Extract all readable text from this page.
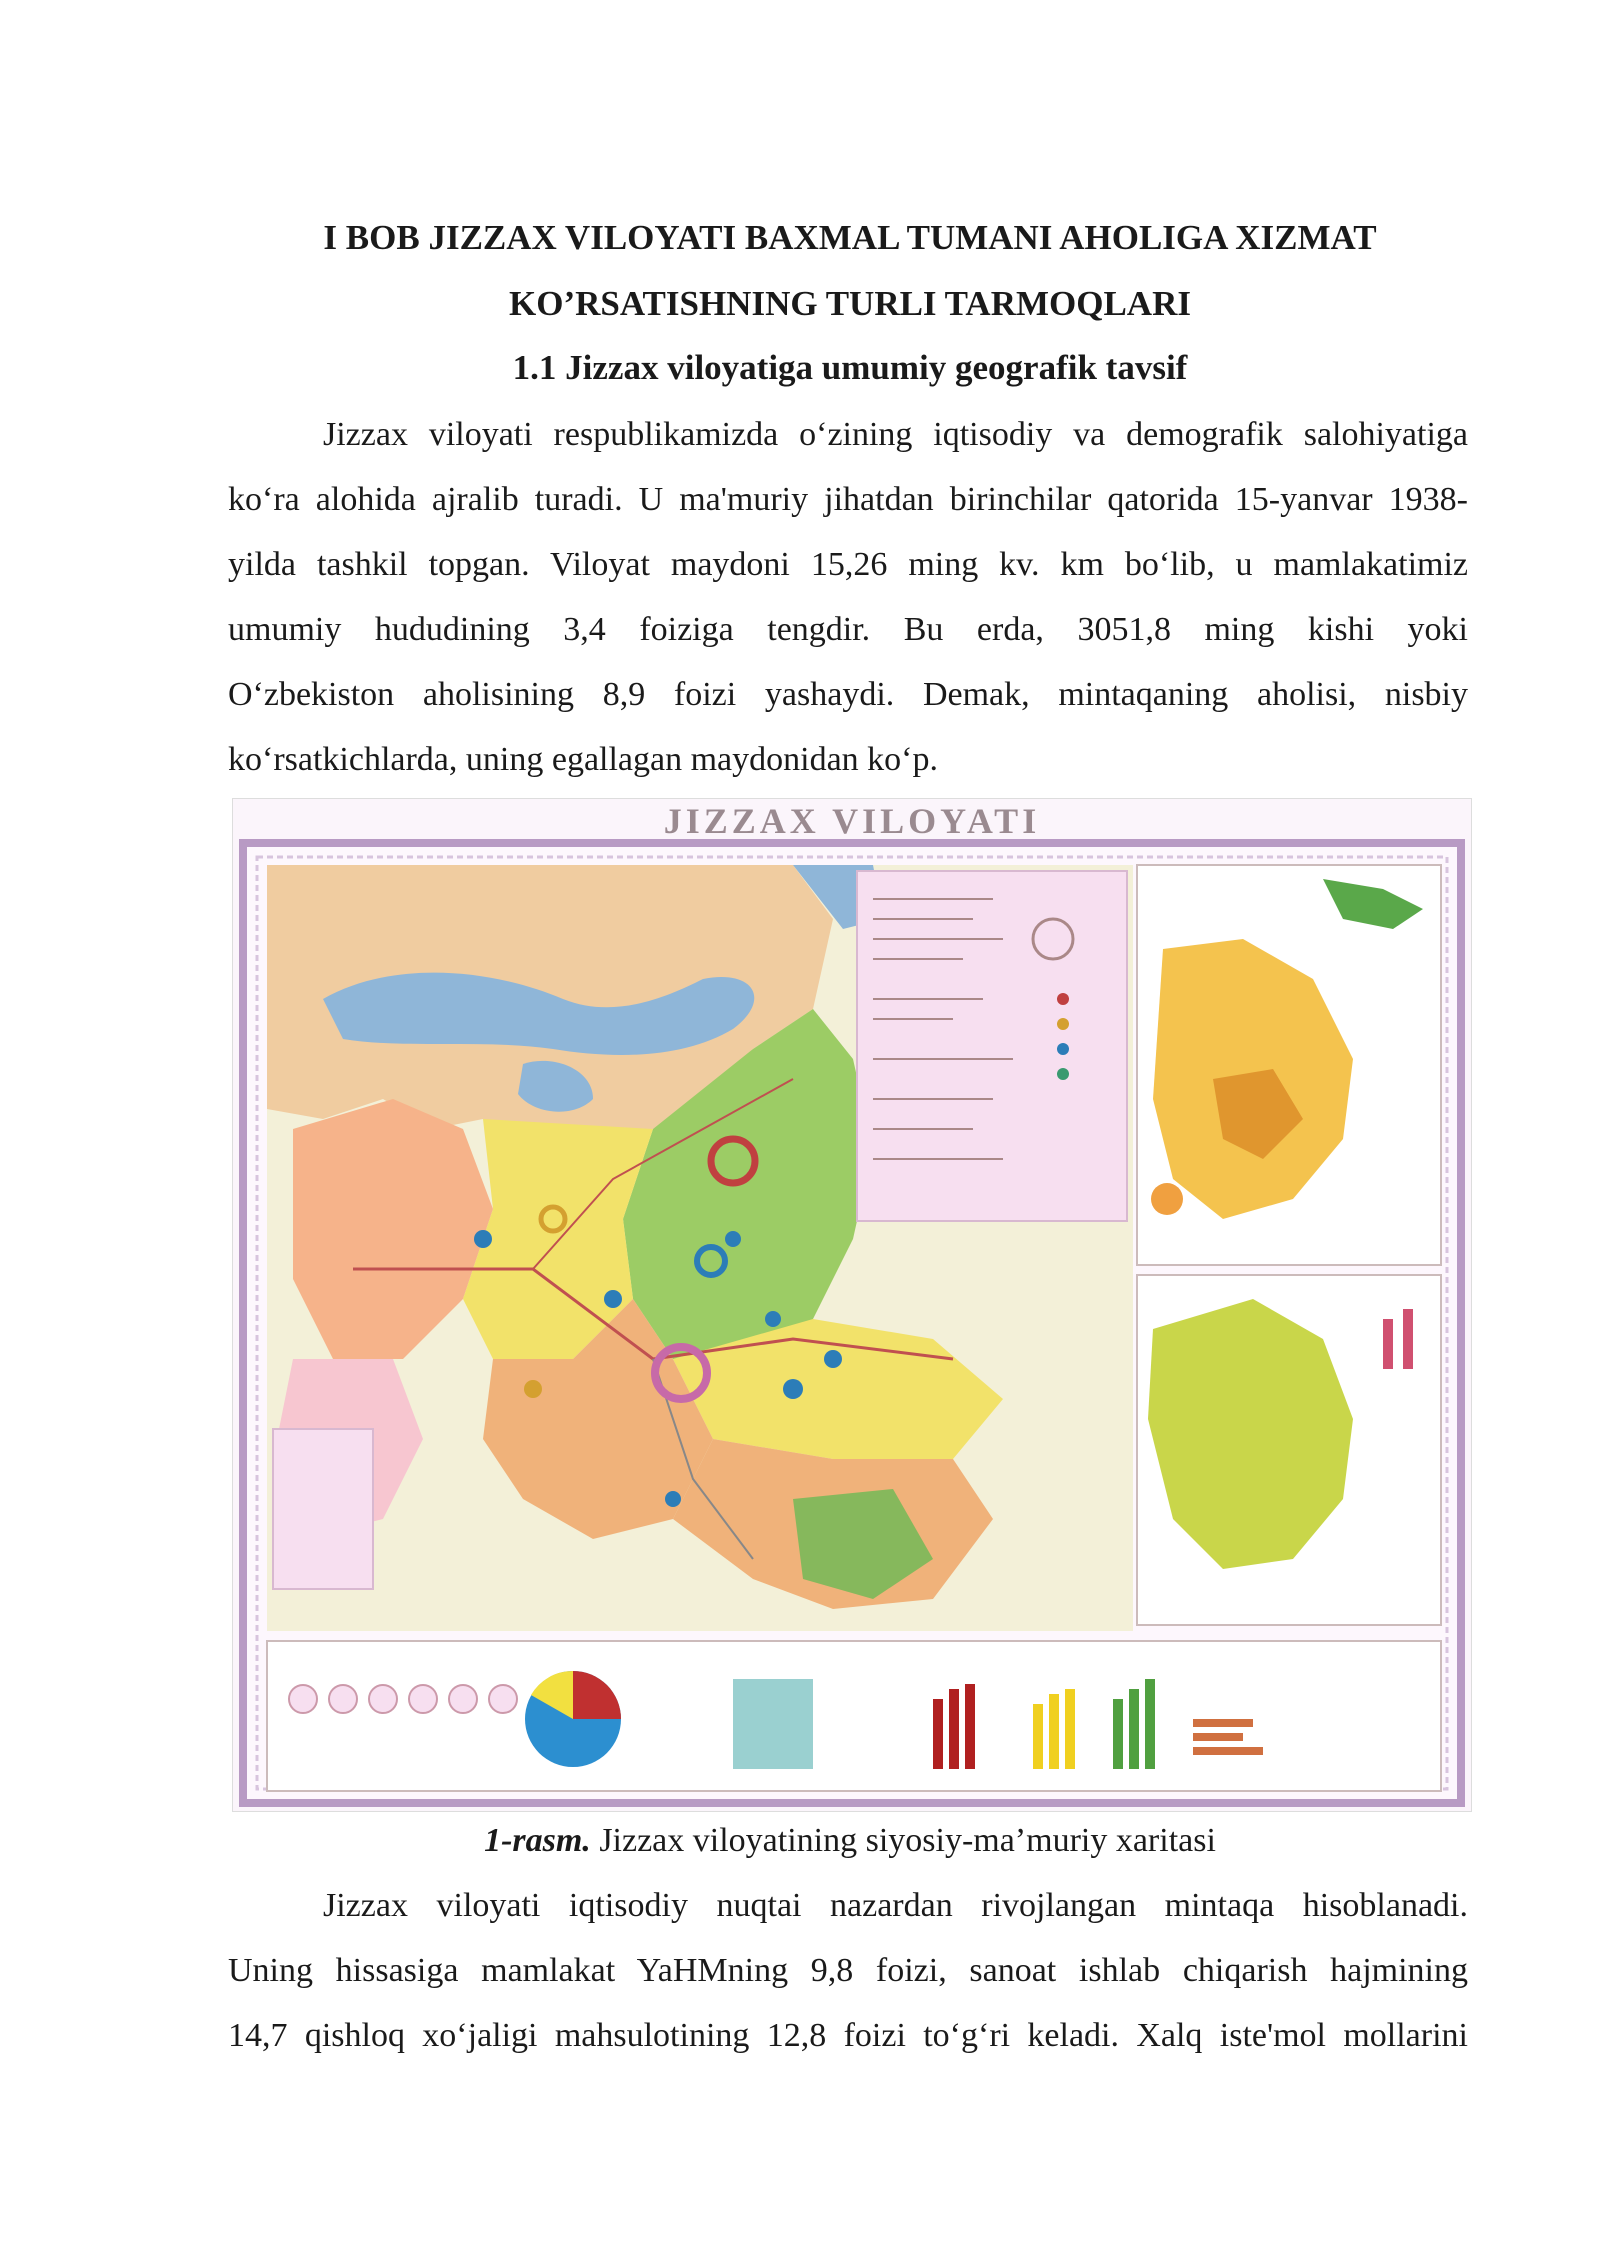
I BOB JIZZAX VILOYATI BAXMAL TUMANI AHOLIGA XIZMAT
KO’RSATISHNING TURLI TARMOQLARI
1.1 Jizzax viloyatiga umumiy geografik tavsif
Jizzax viloyati respublikamizda o‘zining iqtisodiy va demografik salohiyatiga
ko‘ra alohida ajralib turadi. U ma'muriy jihatdan birinchilar qatorida 15-yanvar 1938-
yilda tashkil topgan. Viloyat maydoni 15,26 ming kv. km bo‘lib, u mamlakatimiz
umumiy hududining 3,4 foiziga tengdir. Bu erda, 3051,8 ming kishi yoki
O‘zbekiston aholisining 8,9 foizi yashaydi. Demak, mintaqaning aholisi, nisbiy
ko‘rsatkichlarda, uning egallagan maydonidan ko‘p.
JIZZAX VILOYATI
1-rasm. Jizzax viloyatining siyosiy-ma’muriy xaritasi
Jizzax viloyati iqtisodiy nuqtai nazardan rivojlangan mintaqa hisoblanadi.
Uning hissasiga mamlakat YaHMning 9,8 foizi, sanoat ishlab chiqarish hajmining
14,7 qishloq xo‘jaligi mahsulotining 12,8 foizi to‘g‘ri keladi. Xalq iste'mol mollarini
